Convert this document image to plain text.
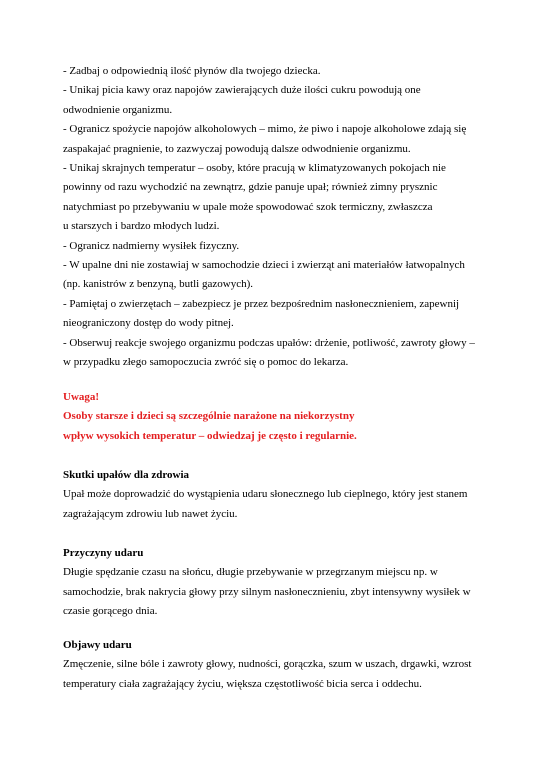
- Zadbaj o odpowiednią ilość płynów dla twojego dziecka.
- Unikaj picia kawy oraz napojów zawierających duże ilości cukru powodują one
odwodnienie organizmu.
- Ogranicz spożycie napojów alkoholowych – mimo, że piwo i napoje alkoholowe zdają się
zaspakajać pragnienie, to zazwyczaj powodują dalsze odwodnienie organizmu.
- Unikaj skrajnych temperatur – osoby, które pracują w klimatyzowanych pokojach nie
powinny od razu wychodzić na zewnątrz, gdzie panuje upał; również zimny prysznic
natychmiast po przebywaniu w upale może spowodować szok termiczny, zwłaszcza
u starszych i bardzo młodych ludzi.
- Ogranicz nadmierny wysiłek fizyczny.
- W upalne dni nie zostawiaj w samochodzie dzieci i zwierząt ani materiałów łatwopalnych
(np. kanistrów z benzyną, butli gazowych).
- Pamiętaj o zwierzętach – zabezpiecz je przez bezpośrednim nasłonecznieniem, zapewnij
nieograniczony dostęp do wody pitnej.
- Obserwuj reakcje swojego organizmu podczas upałów: drżenie, potliwość, zawroty głowy –
w przypadku złego samopoczucia zwróć się o pomoc do lekarza.
Uwaga!
Osoby starsze i dzieci są szczególnie narażone na niekorzystny
wpływ wysokich temperatur – odwiedzaj je często i regularnie.
Skutki upałów dla zdrowia
Upał może doprowadzić do wystąpienia udaru słonecznego lub cieplnego, który jest stanem
zagrażającym zdrowiu lub nawet życiu.
Przyczyny udaru
Długie spędzanie czasu na słońcu, długie przebywanie w przegrzanym miejscu np. w
samochodzie, brak nakrycia głowy przy silnym nasłonecznieniu, zbyt intensywny wysiłek w
czasie gorącego dnia.
Objawy udaru
Zmęczenie, silne bóle i zawroty głowy, nudności, gorączka, szum w uszach, drgawki, wzrost
temperatury ciała zagrażający życiu, większa częstotliwość bicia serca i oddechu.
